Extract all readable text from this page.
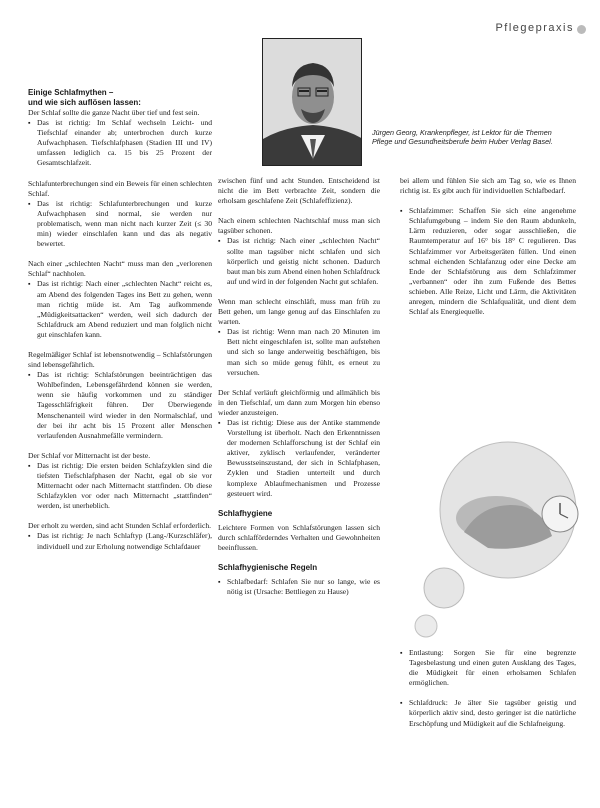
Pflegepraxis
Jürgen Georg, Krankenpfleger, ist Lektor für die Themen Pflege und Gesundheitsberufe beim Huber Verlag Basel.
Einige Schlafmythen –
und wie sich auflösen lassen:
Der Schlaf sollte die ganze Nacht über tief und fest sein.
▪ Das ist richtig: Im Schlaf wechseln Leicht- und Tiefschlaf einander ab; unterbrochen durch kurze Aufwachphasen. Tiefschlafphasen (Stadien III und IV) umfassen lediglich ca. 15 bis 25 Prozent der Gesamtschlafzeit.
Schlafunterbrechungen sind ein Beweis für einen schlechten Schlaf.
▪ Das ist richtig: Schlafunterbrechungen und kurze Aufwachphasen sind normal, sie werden nur problematisch, wenn man nicht nach kurzer Zeit (≤ 30 min) wieder einschlafen kann und das als negativ bewertet.
Nach einer „schlechten Nacht“ muss man den „verlorenen Schlaf“ nachholen.
▪ Das ist richtig: Nach einer „schlechten Nacht“ reicht es, am Abend des folgenden Tages ins Bett zu gehen, wenn man richtig müde ist. Am Tag aufkommende „Müdigkeitsattacken“ werden, weil sich dadurch der Schlafdruck am Abend reduziert und man folglich nicht gut einschlafen kann.
Regelmäßiger Schlaf ist lebensnotwendig – Schlafstörungen sind lebensgefährlich.
▪ Das ist richtig: Schlafstörungen beeinträchtigen das Wohlbefinden, Lebensgefährdend können sie werden, wenn sie häufig vorkommen und zu ständiger Tagesschläfrigkeit führen. Der Überwiegende Menschenanteil wird wieder in den Normalschlaf, und der bei ihr acht bis 15 Prozent aller Menschen verlaufenden Ausnahmefälle vermindern.
Der Schlaf vor Mitternacht ist der beste.
▪ Das ist richtig: Die ersten beiden Schlafzyklen sind die tiefsten Tiefschlafphasen der Nacht, egal ob sie vor Mitternacht oder nach Mitternacht stattfinden. Ob diese Schlafzyklen vor oder nach Mitternacht „stattfinden“ werden, ist unerheblich.
Der erholt zu werden, sind acht Stunden Schlaf erforderlich.
▪ Das ist richtig: Je nach Schlaftyp (Lang-/Kurzschläfer), individuell und zur Erholung notwendige Schlafdauer
zwischen fünf und acht Stunden. Entscheidend ist nicht die im Bett verbrachte Zeit, sondern die erholsam geschlafene Zeit (Schlafeffizienz).
Nach einem schlechten Nachtschlaf muss man sich tagsüber schonen.
▪ Das ist richtig: Nach einer „schlechten Nacht“ sollte man tagsüber nicht schlafen und sich körperlich und geistig nicht schonen. Dadurch baut man bis zum Abend einen hohen Schlafdruck auf und wird in der folgenden Nacht gut schlafen.
Wenn man schlecht einschläft, muss man früh zu Bett gehen, um lange genug auf das Einschlafen zu warten.
▪ Das ist richtig: Wenn man nach 20 Minuten im Bett nicht eingeschlafen ist, sollte man aufstehen und sich so lange anderweitig beschäftigen, bis man sich so müde genug fühlt, es erneut zu versuchen.
Der Schlaf verläuft gleichförmig und allmählich bis in den Tiefschlaf, um dann zum Morgen hin ebenso wieder anzusteigen.
▪ Das ist richtig: Diese aus der Antike stammende Vorstellung ist überholt. Nach den Erkenntnissen der modernen Schlafforschung ist der Schlaf ein aktiver, zyklisch verlaufender, veränderter Bewusstseinszustand, der sich in Schlafphasen, Zyklen und Stadien unterteilt und durch komplexe Ablaufmechanismen und Prozesse gesteuert wird.
Schlafhygiene
Leichtere Formen von Schlafstörungen lassen sich durch schlafförderndes Verhalten und Gewohnheiten beeinflussen.
Schlafhygienische Regeln
▪ Schlafbedarf: Schlafen Sie nur so lange, wie es nötig ist (Ursache: Bettliegen zu Hause)
bei allem und fühlen Sie sich am Tag so, wie es Ihnen richtig ist. Es gibt auch für individuellen Schlafbedarf.
▪ Schlafzimmer: Schaffen Sie sich eine angenehme Schlafumgebung – indem Sie den Raum abdunkeln, Lärm reduzieren, oder sogar ausschließen, die Raumtemperatur auf 16° bis 18° C regulieren. Das Schlafzimmer vor Arbeitsgeräten füllen. Und einen schmal eichenden Schlafanzug oder eine Decke am Ende der Schlafstörung aus dem Schlafzimmer „verbannen“ oder ihn zum Fußende des Bettes schieben. Alle Reize, Licht und Lärm, die Aktivitäten anregen, mindern die Schlafqualität, und dient dem Schlaf als Energiequelle.
▪ Entlastung: Sorgen Sie für eine begrenzte Tagesbelastung und einen guten Ausklang des Tages, die Müdigkeit für einen erholsamen Schlafen ermöglichen.
▪ Schlafdruck: Je älter Sie tagsüber geistig und körperlich aktiv sind, desto geringer ist die natürliche Erschöpfung und Müdigkeit auf die Schlafneigung.
